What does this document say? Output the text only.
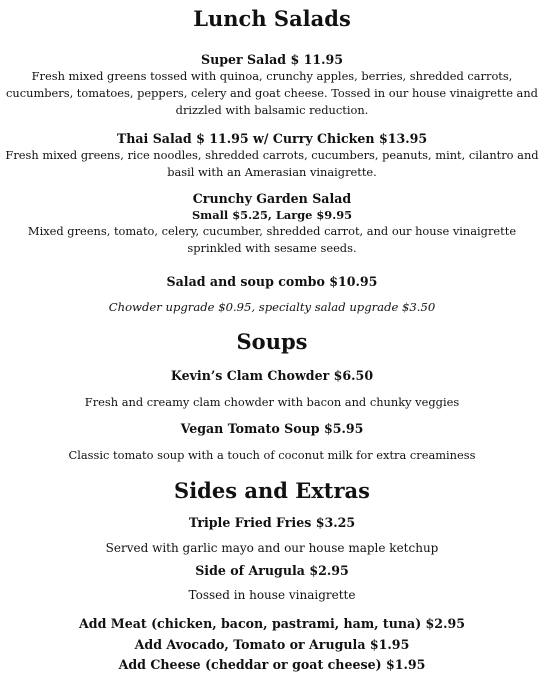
Lunch Salads

Super Salad $ 11.95

Fresh mixed greens tossed with quinoa, crunchy apples, berries, shredded carrots, cucumbers, tomatoes, peppers, celery and goat cheese. Tossed in our house vinaigrette and drizzled with balsamic reduction.

Thai Salad $ 11.95 w/ Curry Chicken $13.95

Fresh mixed greens, rice noodles, shredded carrots, cucumbers, peanuts, mint, cilantro and basil with an Amerasian vinaigrette.

Crunchy Garden Salad

Small $5.25, Large $9.95

Mixed greens, tomato, celery, cucumber, shredded carrot, and our house vinaigrette sprinkled with sesame seeds.

Salad and soup combo $10.95

Chowder upgrade $0.95, specialty salad upgrade $3.50

Soups

Kevin’s Clam Chowder $6.50

Fresh and creamy clam chowder with bacon and chunky veggies

Vegan Tomato Soup $5.95

Classic tomato soup with a touch of coconut milk for extra creaminess

Sides and Extras

Triple Fried Fries $3.25

Served with garlic mayo and our house maple ketchup

Side of Arugula $2.95

Tossed in house vinaigrette

Add Meat (chicken, bacon, pastrami, ham, tuna) $2.95

Add Avocado, Tomato or Arugula $1.95

Add Cheese (cheddar or goat cheese) $1.95
